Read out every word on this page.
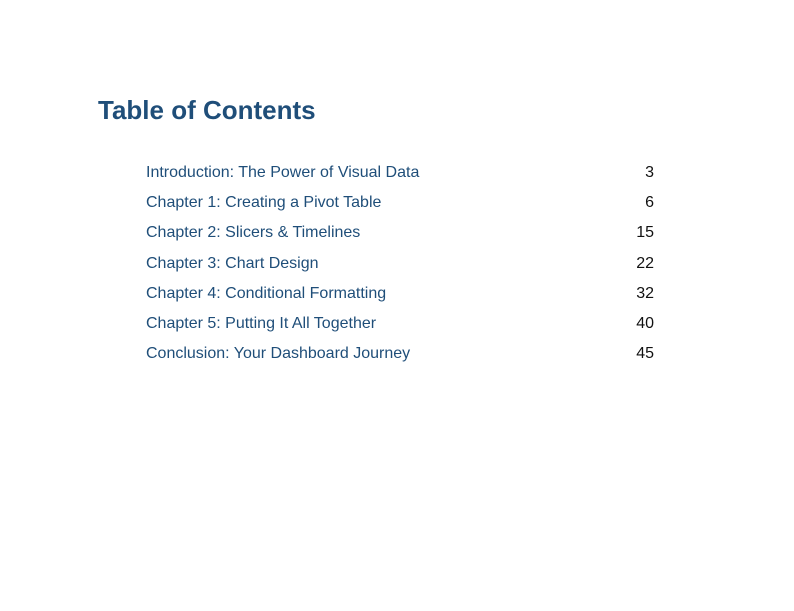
Table of Contents
Introduction: The Power of Visual Data	3
Chapter 1: Creating a Pivot Table	6
Chapter 2: Slicers & Timelines	15
Chapter 3: Chart Design	22
Chapter 4: Conditional Formatting	32
Chapter 5: Putting It All Together	40
Conclusion: Your Dashboard Journey	45
